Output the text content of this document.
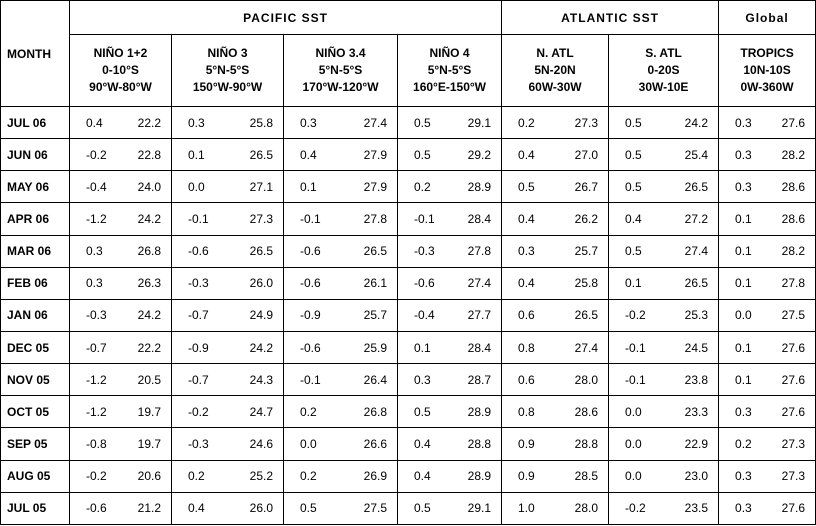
MONTH	PACIFIC SST				ATLANTIC SST		Global

	NIÑO 1+2
0-10°S
90°W-80°W	NIÑO 3
5°N-5°S
150°W-90°W	NIÑO 3.4
5°N-5°S
170°W-120°W	NIÑO 4
5°N-5°S
160°E-150°W	N. ATL
5N-20N
60W-30W	S. ATL
0-20S
30W-10E	TROPICS
10N-10S
0W-360W

JUL 06	0.4 22.2	0.3 25.8	0.3 27.4	0.5 29.1	0.2 27.3	0.5 24.2	0.3 27.6

JUN 06	-0.2 22.8	0.1 26.5	0.4 27.9	0.5 29.2	0.4 27.0	0.5 25.4	0.3 28.2

MAY 06	-0.4 24.0	0.0 27.1	0.1 27.9	0.2 28.9	0.5 26.7	0.5 26.5	0.3 28.6

APR 06	-1.2 24.2	-0.1 27.3	-0.1 27.8	-0.1 28.4	0.4 26.2	0.4 27.2	0.1 28.6

MAR 06	0.3 26.8	-0.6 26.5	-0.6 26.5	-0.3 27.8	0.3 25.7	0.5 27.4	0.1 28.2

FEB 06	0.3 26.3	-0.3 26.0	-0.6 26.1	-0.6 27.4	0.4 25.8	0.1 26.5	0.1 27.8

JAN 06	-0.3 24.2	-0.7 24.9	-0.9 25.7	-0.4 27.7	0.6 26.5	-0.2 25.3	0.0 27.5

DEC 05	-0.7 22.2	-0.9 24.2	-0.6 25.9	0.1 28.4	0.8 27.4	-0.1 24.5	0.1 27.6

NOV 05	-1.2 20.5	-0.7 24.3	-0.1 26.4	0.3 28.7	0.6 28.0	-0.1 23.8	0.1 27.6

OCT 05	-1.2 19.7	-0.2 24.7	0.2 26.8	0.5 28.9	0.8 28.6	0.0 23.3	0.3 27.6

SEP 05	-0.8 19.7	-0.3 24.6	0.0 26.6	0.4 28.8	0.9 28.8	0.0 22.9	0.2 27.3

AUG 05	-0.2 20.6	0.2 25.2	0.2 26.9	0.4 28.9	0.9 28.5	0.0 23.0	0.3 27.3

JUL 05	-0.6 21.2	0.4 26.0	0.5 27.5	0.5 29.1	1.0 28.0	-0.2 23.5	0.3 27.6
